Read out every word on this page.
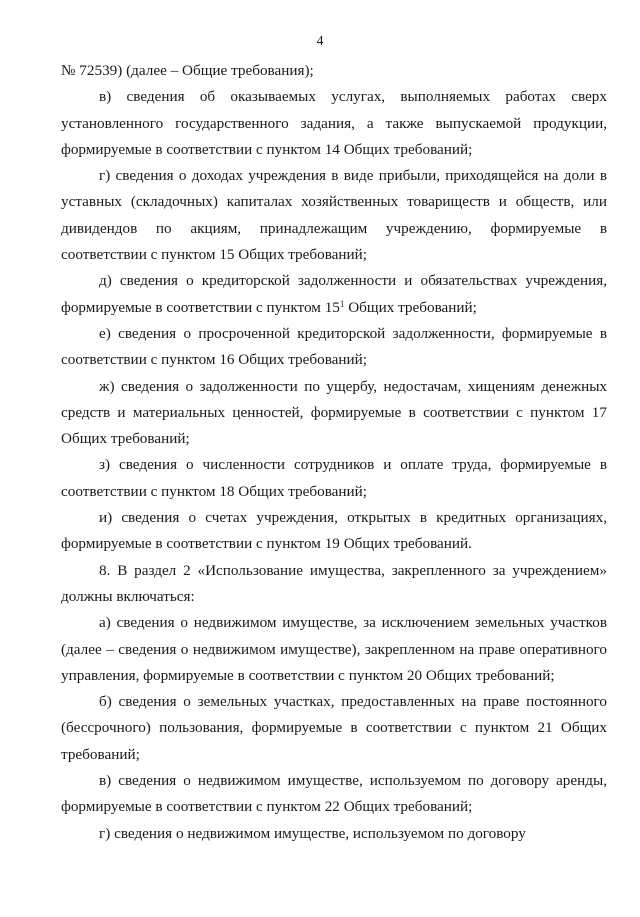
4

№ 72539) (далее – Общие требования);

в) сведения об оказываемых услугах, выполняемых работах сверх установленного государственного задания, а также выпускаемой продукции, формируемые в соответствии с пунктом 14 Общих требований;

г) сведения о доходах учреждения в виде прибыли, приходящейся на доли в уставных (складочных) капиталах хозяйственных товариществ и обществ, или дивидендов по акциям, принадлежащим учреждению, формируемые в соответствии с пунктом 15 Общих требований;

д) сведения о кредиторской задолженности и обязательствах учреждения, формируемые в соответствии с пунктом $15^1$ Общих требований;

е) сведения о просроченной кредиторской задолженности, формируемые в соответствии с пунктом 16 Общих требований;

ж) сведения о задолженности по ущербу, недостачам, хищениям денежных средств и материальных ценностей, формируемые в соответствии с пунктом 17 Общих требований;

з) сведения о численности сотрудников и оплате труда, формируемые в соответствии с пунктом 18 Общих требований;

и) сведения о счетах учреждения, открытых в кредитных организациях, формируемые в соответствии с пунктом 19 Общих требований.

8. В раздел 2 «Использование имущества, закрепленного за учреждением» должны включаться:

а) сведения о недвижимом имуществе, за исключением земельных участков (далее – сведения о недвижимом имуществе), закрепленном на праве оперативного управления, формируемые в соответствии с пунктом 20 Общих требований;

б) сведения о земельных участках, предоставленных на праве постоянного (бессрочного) пользования, формируемые в соответствии с пунктом 21 Общих требований;

в) сведения о недвижимом имуществе, используемом по договору аренды, формируемые в соответствии с пунктом 22 Общих требований;

г) сведения о недвижимом имуществе, используемом по договору
